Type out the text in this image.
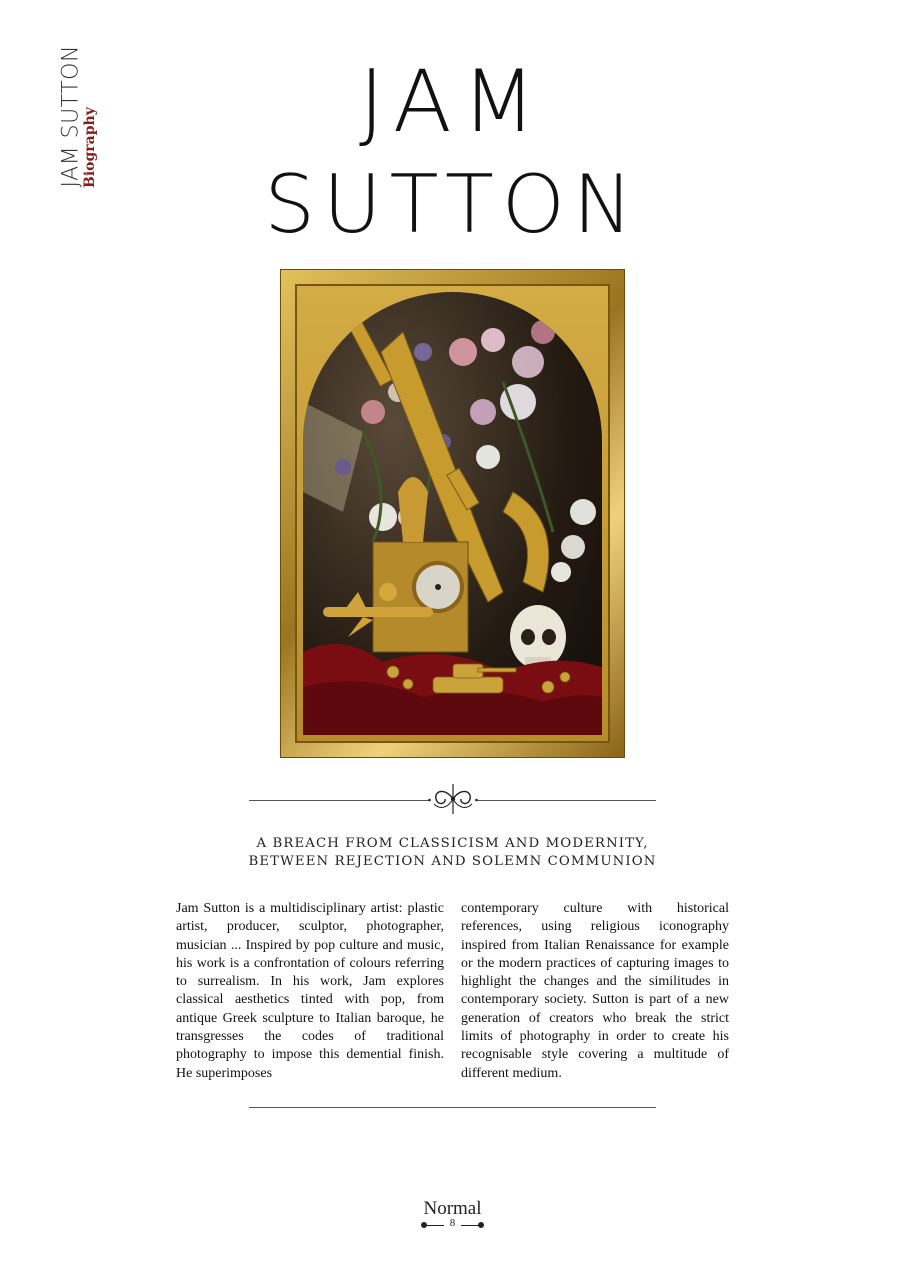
JAM SUTTON
Biography	JAM
SUTTON
A BREACH FROM CLASSICISM AND MODERNITY,
BETWEEN REJECTION AND SOLEMN COMMUNION
Jam Sutton is a multidisciplinary artist: plastic artist, producer, sculptor, photographer, musician ... Inspired by pop culture and music, his work is a confrontation of colours referring to surrealism. In his work, Jam explores classical aesthetics tinted with pop, from antique Greek sculpture to Italian baroque, he transgresses the codes of traditional photography to impose this demential finish. He superimposes
contemporary culture with historical references, using religious iconography inspired from Italian Renaissance for example or the modern practices of capturing images to highlight the changes and the similitudes in contemporary society. Sutton is part of a new generation of creators who break the strict limits of photography in order to create his recognisable style covering a multitude of different medium.
Normal
8
